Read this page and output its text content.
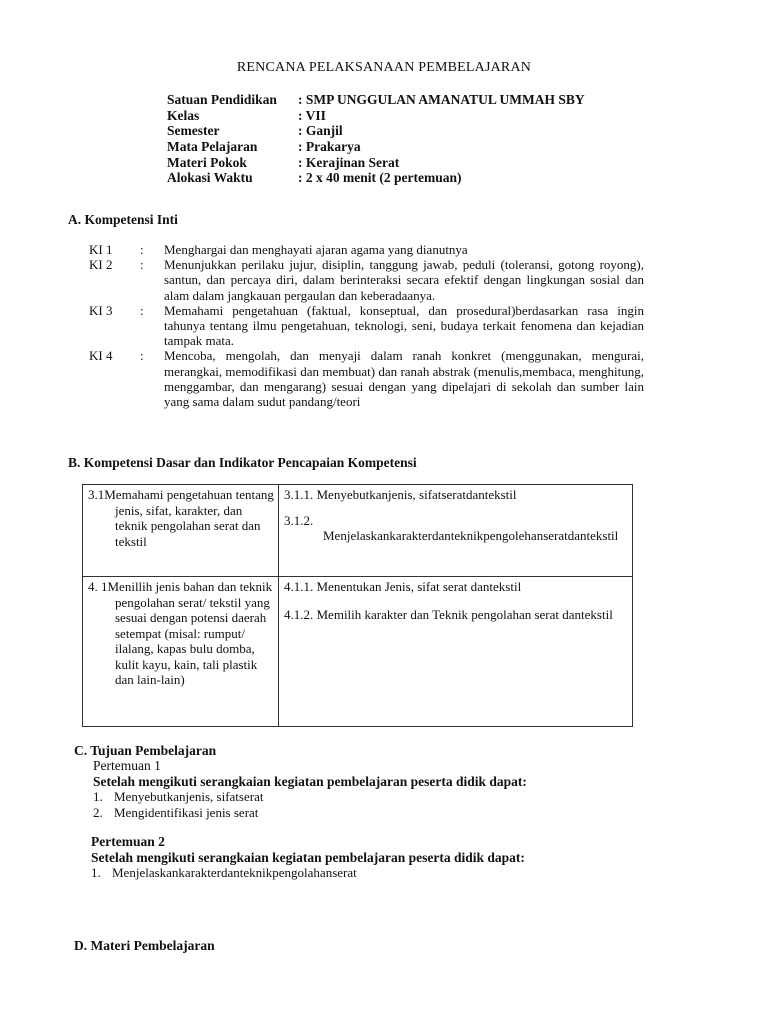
RENCANA PELAKSANAAN PEMBELAJARAN
Satuan Pendidikan	: SMP UNGGULAN AMANATUL UMMAH SBY
Kelas	: VII
Semester	: Ganjil
Mata Pelajaran	: Prakarya
Materi Pokok	: Kerajinan Serat
Alokasi Waktu	: 2 x 40 menit (2 pertemuan)
A. Kompetensi Inti
KI 1	:	Menghargai dan menghayati ajaran agama yang dianutnya
KI 2	:	Menunjukkan perilaku jujur, disiplin, tanggung jawab, peduli (toleransi, gotong royong), santun, dan percaya diri, dalam berinteraksi secara efektif dengan lingkungan sosial dan alam dalam jangkauan pergaulan dan keberadaanya.
KI 3	:	Memahami pengetahuan (faktual, konseptual, dan prosedural)berdasarkan rasa ingin tahunya tentang ilmu pengetahuan, teknologi, seni, budaya terkait fenomena dan kejadian tampak mata.
KI 4	:	Mencoba, mengolah, dan menyaji dalam ranah konkret (menggunakan, mengurai, merangkai, memodifikasi dan membuat) dan ranah abstrak (menulis,membaca, menghitung, menggambar, dan mengarang) sesuai dengan yang dipelajari di sekolah dan sumber lain yang sama dalam sudut pandang/teori
B. Kompetensi Dasar dan Indikator Pencapaian Kompetensi
3.1Memahami pengetahuan tentang jenis, sifat, karakter, dan teknik pengolahan serat dan tekstil	3.1.1. Menyebutkanjenis, sifatseratdantekstil
3.1.2.
Menjelaskankarakterdanteknikpengolehanseratdantekstil

4. 1Menillih jenis bahan dan teknik pengolahan serat/ tekstil yang sesuai dengan potensi daerah setempat (misal: rumput/ ilalang, kapas bulu domba, kulit kayu, kain, tali plastik dan lain-lain)	4.1.1. Menentukan Jenis, sifat serat dantekstil
4.1.2. Memilih karakter dan Teknik pengolahan serat dantekstil
C. Tujuan Pembelajaran
Pertemuan 1
Setelah mengikuti serangkaian kegiatan pembelajaran peserta didik dapat:
1. Menyebutkanjenis, sifatserat
2. Mengidentifikasi jenis serat
Pertemuan 2
Setelah mengikuti serangkaian kegiatan pembelajaran peserta didik dapat:
1. Menjelaskankarakterdanteknikpengolahanserat
D. Materi Pembelajaran
